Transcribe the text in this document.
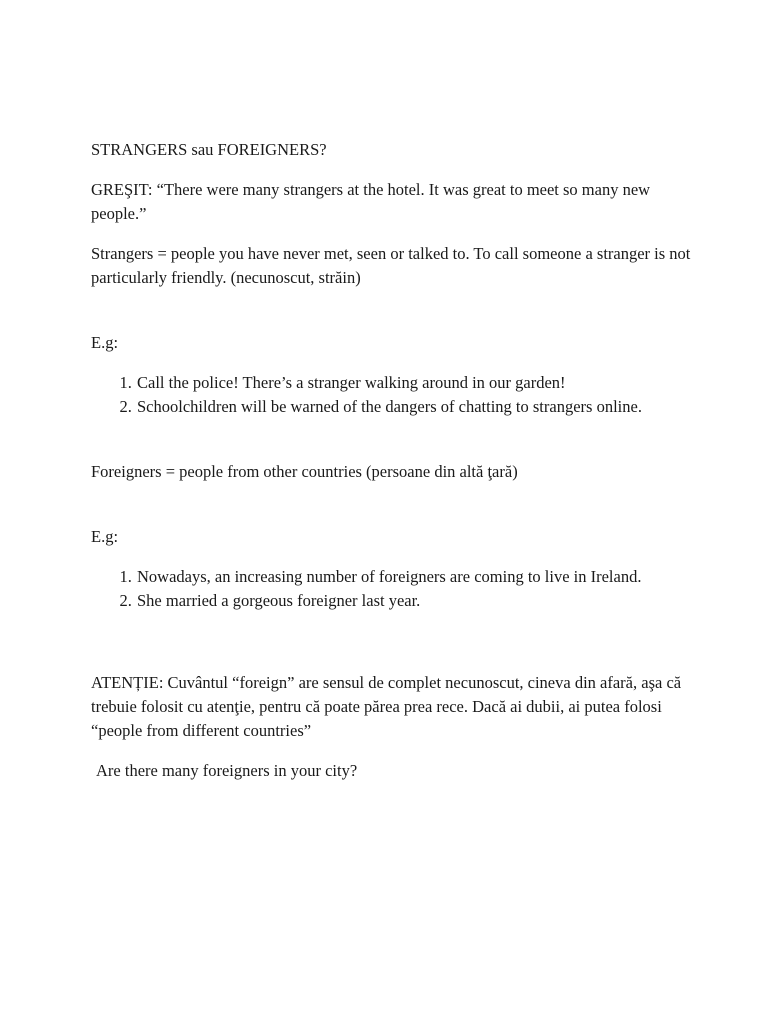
STRANGERS sau FOREIGNERS?

GREŞIT: “There were many strangers at the hotel. It was great to meet so many new people.”

Strangers = people you have never met, seen or talked to. To call someone a stranger is not particularly friendly. (necunoscut, străin)

E.g:

1. Call the police! There’s a stranger walking around in our garden!
2. Schoolchildren will be warned of the dangers of chatting to strangers online.

Foreigners = people from other countries (persoane din altă ţară)

E.g:

1. Nowadays, an increasing number of foreigners are coming to live in Ireland.
2. She married a gorgeous foreigner last year.

ATENȚIE: Cuvântul “foreign” are sensul de complet necunoscut, cineva din afară, aşa că trebuie folosit cu atenţie, pentru că poate părea prea rece. Dacă ai dubii, ai putea folosi “people from different countries”

Are there many foreigners in your city?
